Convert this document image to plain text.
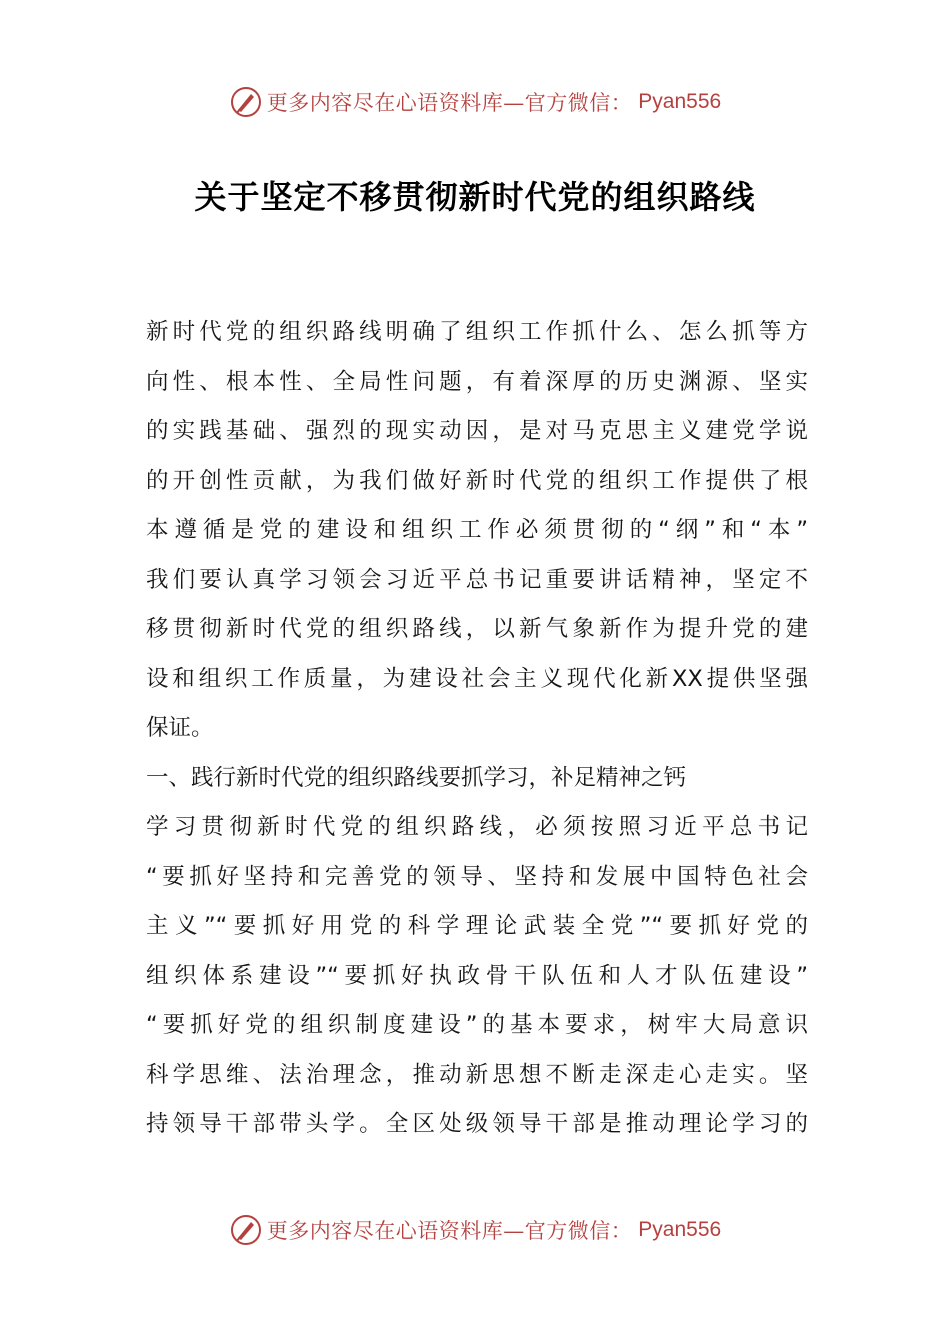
更多内容尽在心语资料库—官方微信： Pyan556
关于坚定不移贯彻新时代党的组织路线
新时代党的组织路线明确了组织工作抓什么、怎么抓等方
向性、根本性、全局性问题，有着深厚的历史渊源、坚实
的实践基础、强烈的现实动因，是对马克思主义建党学说
的开创性贡献，为我们做好新时代党的组织工作提供了根
本遵循是党的建设和组织工作必须贯彻的“纲”和“本”
我们要认真学习领会习近平总书记重要讲话精神，坚定不
移贯彻新时代党的组织路线，以新气象新作为提升党的建
设和组织工作质量，为建设社会主义现代化新XX提供坚强
保证。
一、践行新时代党的组织路线要抓学习，补足精神之钙
学习贯彻新时代党的组织路线，必须按照习近平总书记
“要抓好坚持和完善党的领导、坚持和发展中国特色社会
主义”“要抓好用党的科学理论武装全党”“要抓好党的
组织体系建设”“要抓好执政骨干队伍和人才队伍建设”
“要抓好党的组织制度建设”的基本要求，树牢大局意识
科学思维、法治理念，推动新思想不断走深走心走实。坚
持领导干部带头学。全区处级领导干部是推动理论学习的
更多内容尽在心语资料库—官方微信： Pyan556
